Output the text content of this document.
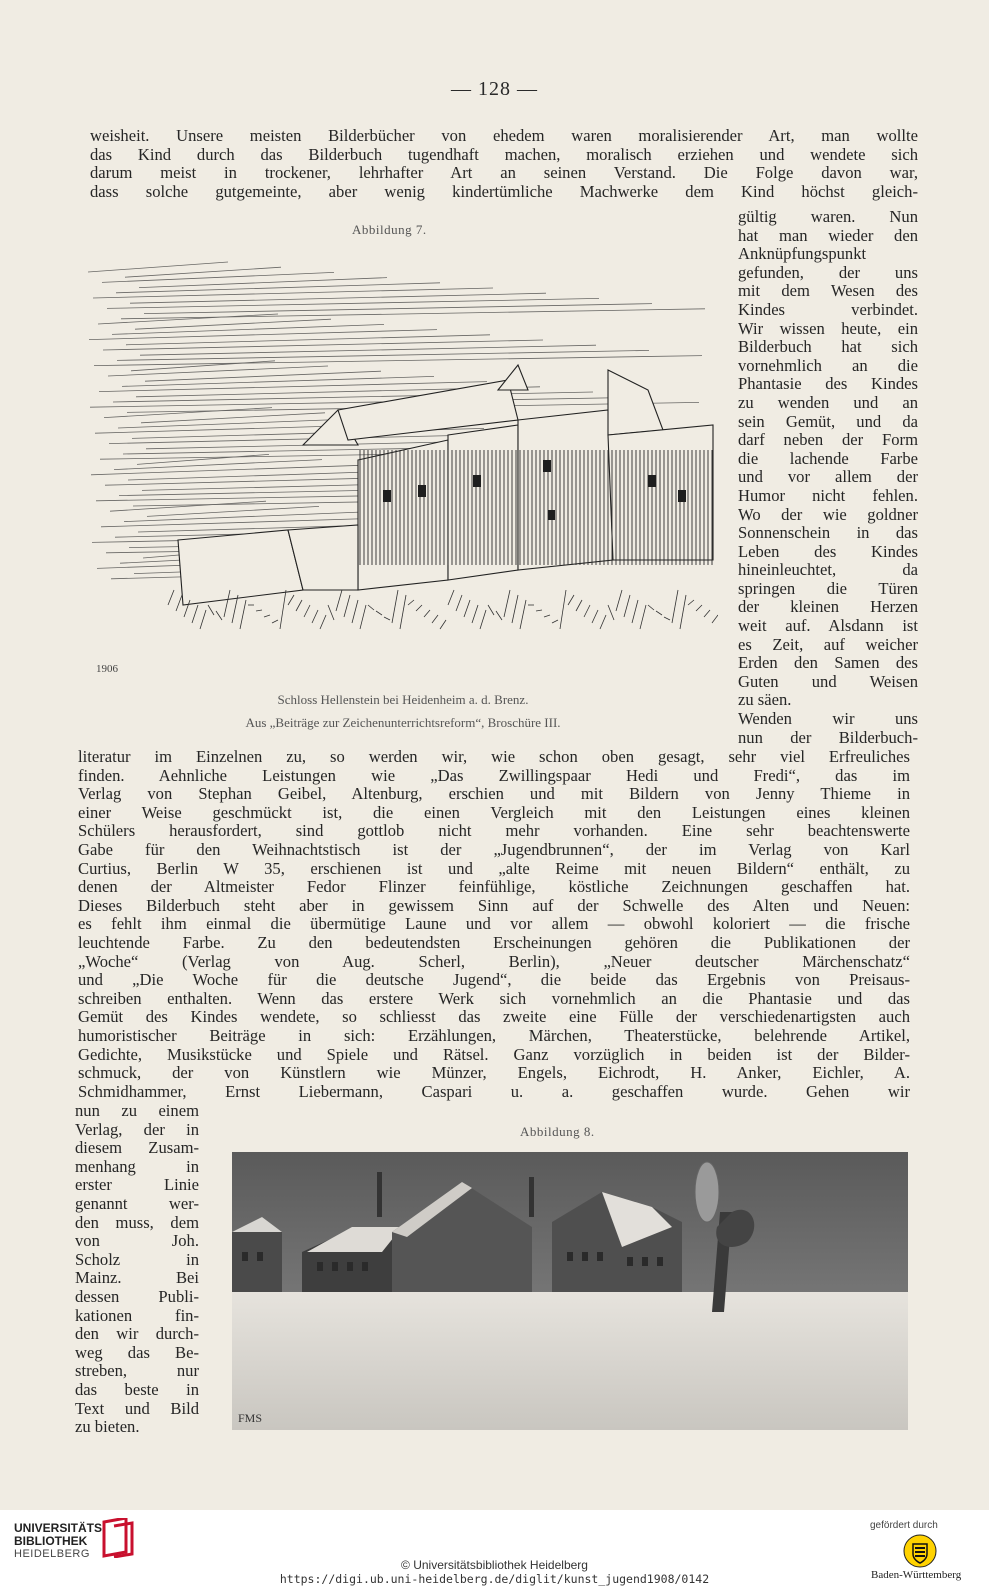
— 128 —
weisheit. Unsere meisten Bilderbücher von ehedem waren moralisierender Art, man wollte
das Kind durch das Bilderbuch tugendhaft machen, moralisch erziehen und wendete sich
darum meist in trockener, lehrhafter Art an seinen Verstand. Die Folge davon war,
dass solche gutgemeinte, aber wenig kindertümliche Machwerke dem Kind höchst gleich-
Abbildung 7.
1906
Schloss Hellenstein bei Heidenheim a. d. Brenz.
Aus „Beiträge zur Zeichenunterrichtsreform“, Broschüre III.
gültig waren. Nun
hat man wieder den
Anknüpfungspunkt
gefunden, der uns
mit dem Wesen des
Kindes verbindet.
Wir wissen heute, ein
Bilderbuch hat sich
vornehmlich an die
Phantasie des Kindes
zu wenden und an
sein Gemüt, und da
darf neben der Form
die lachende Farbe
und vor allem der
Humor nicht fehlen.
Wo der wie goldner
Sonnenschein in das
Leben des Kindes
hineinleuchtet, da
springen die Türen
der kleinen Herzen
weit auf. Alsdann ist
es Zeit, auf weicher
Erden den Samen des
Guten und Weisen
zu säen.
Wenden wir uns
nun der Bilderbuch-
literatur im Einzelnen zu, so werden wir, wie schon oben gesagt, sehr viel Erfreuliches
finden. Aehnliche Leistungen wie „Das Zwillingspaar Hedi und Fredi“, das im
Verlag von Stephan Geibel, Altenburg, erschien und mit Bildern von Jenny Thieme in
einer Weise geschmückt ist, die einen Vergleich mit den Leistungen eines kleinen
Schülers herausfordert, sind gottlob nicht mehr vorhanden. Eine sehr beachtenswerte
Gabe für den Weihnachtstisch ist der „Jugendbrunnen“, der im Verlag von Karl
Curtius, Berlin W 35, erschienen ist und „alte Reime mit neuen Bildern“ enthält, zu
denen der Altmeister Fedor Flinzer feinfühlige, köstliche Zeichnungen geschaffen hat.
Dieses Bilderbuch steht aber in gewissem Sinn auf der Schwelle des Alten und Neuen:
es fehlt ihm einmal die übermütige Laune und vor allem — obwohl koloriert — die frische
leuchtende Farbe. Zu den bedeutendsten Erscheinungen gehören die Publikationen der
„Woche“ (Verlag von Aug. Scherl, Berlin), „Neuer deutscher Märchenschatz“
und „Die Woche für die deutsche Jugend“, die beide das Ergebnis von Preisaus-
schreiben enthalten. Wenn das erstere Werk sich vornehmlich an die Phantasie und das
Gemüt des Kindes wendete, so schliesst das zweite eine Fülle der verschiedenartigsten auch
humoristischer Beiträge in sich: Erzählungen, Märchen, Theaterstücke, belehrende Artikel,
Gedichte, Musikstücke und Spiele und Rätsel. Ganz vorzüglich in beiden ist der Bilder-
schmuck, der von Künstlern wie Münzer, Engels, Eichrodt, H. Anker, Eichler, A.
Schmidhammer, Ernst Liebermann, Caspari u. a. geschaffen wurde. Gehen wir
nun zu einem
Verlag, der in
diesem Zusam-
menhang in
erster Linie
genannt wer-
den muss, dem
von Joh.
Scholz in
Mainz. Bei
dessen Publi-
kationen fin-
den wir durch-
weg das Be-
streben, nur
das beste in
Text und Bild
zu bieten.
Abbildung 8.
FMS
UNIVERSITÄTS-
BIBLIOTHEK
HEIDELBERG
© Universitätsbibliothek Heidelberg
https://digi.ub.uni-heidelberg.de/diglit/kunst_jugend1908/0142
gefördert durch
Baden-Württemberg
